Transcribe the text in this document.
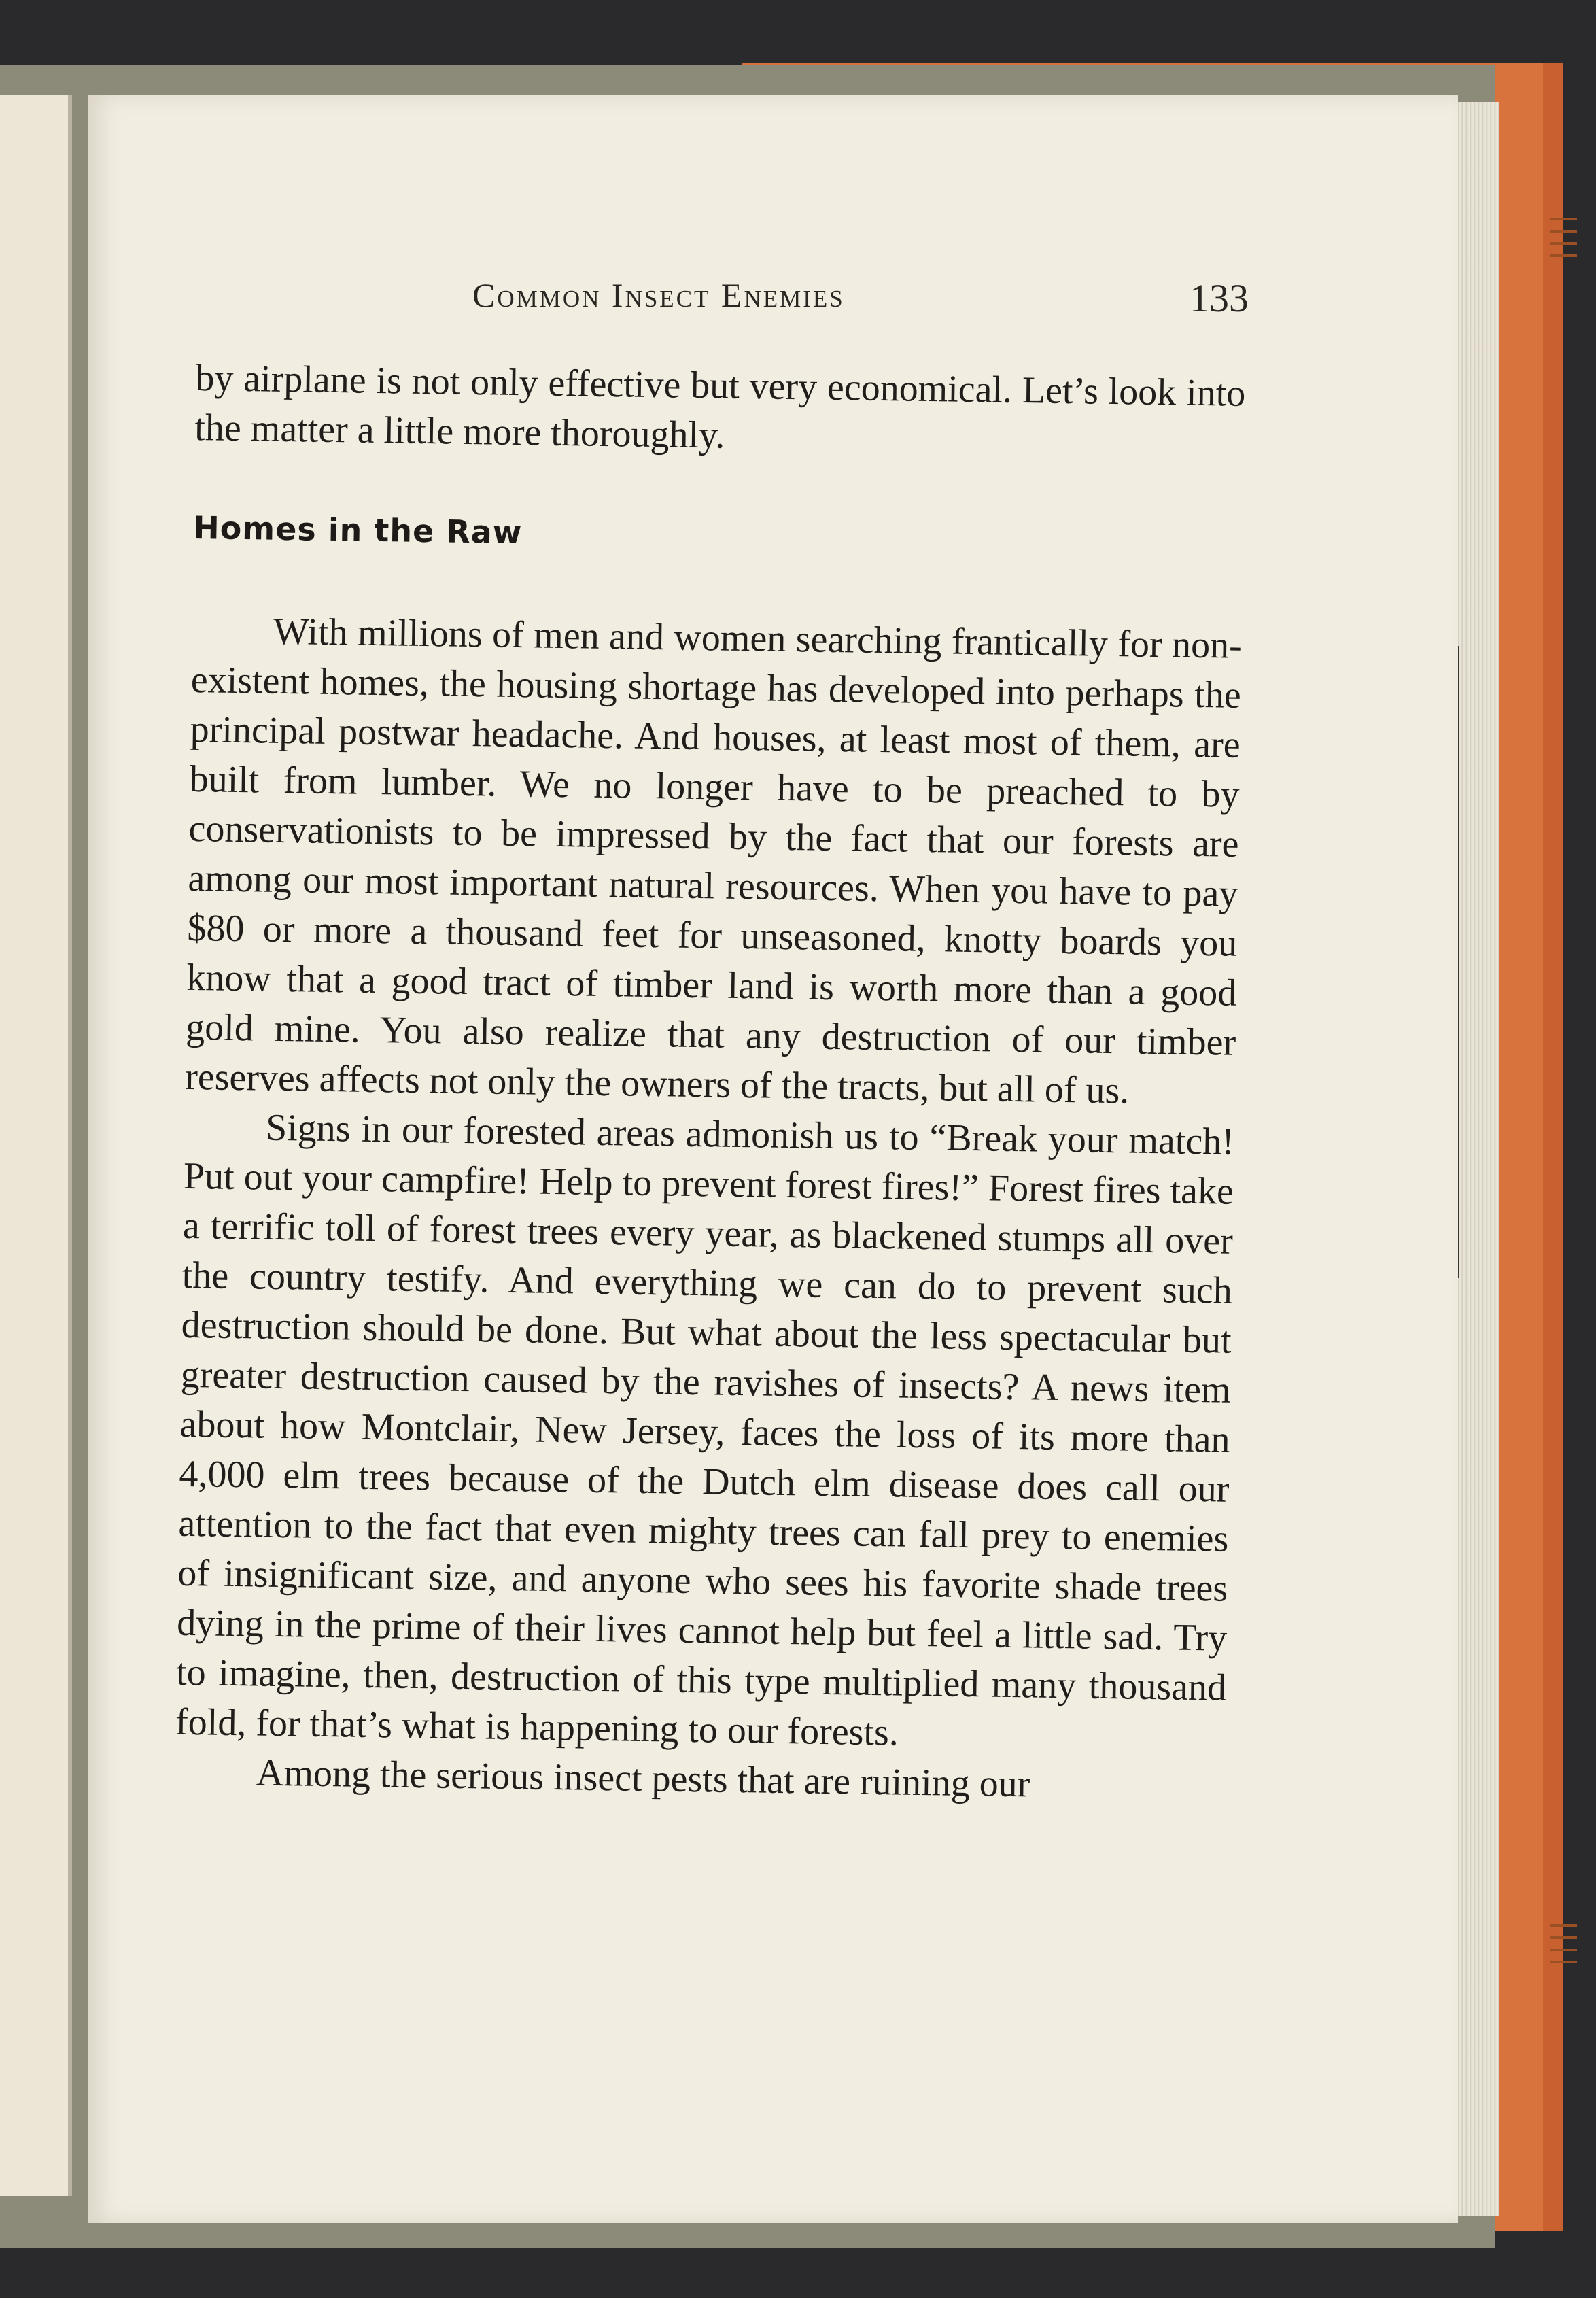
Common Insect Enemies	133

by airplane is not only effective but very economical. Let’s look into the matter a little more thoroughly.

Homes in the Raw

With millions of men and women searching frantically for non-existent homes, the housing shortage has developed into perhaps the principal postwar headache. And houses, at least most of them, are built from lumber. We no longer have to be preached to by conservationists to be impressed by the fact that our forests are among our most important natural resources. When you have to pay $80 or more a thousand feet for unseasoned, knotty boards you know that a good tract of timber land is worth more than a good gold mine. You also realize that any destruction of our timber reserves affects not only the owners of the tracts, but all of us.

Signs in our forested areas admonish us to “Break your match! Put out your campfire! Help to prevent forest fires!” Forest fires take a terrific toll of forest trees every year, as blackened stumps all over the country testify. And everything we can do to prevent such destruction should be done. But what about the less spectacular but greater destruction caused by the ravishes of insects? A news item about how Montclair, New Jersey, faces the loss of its more than 4,000 elm trees because of the Dutch elm disease does call our attention to the fact that even mighty trees can fall prey to enemies of insignificant size, and anyone who sees his favorite shade trees dying in the prime of their lives cannot help but feel a little sad. Try to imagine, then, destruction of this type multiplied many thousand fold, for that’s what is happening to our forests.

Among the serious insect pests that are ruining our
